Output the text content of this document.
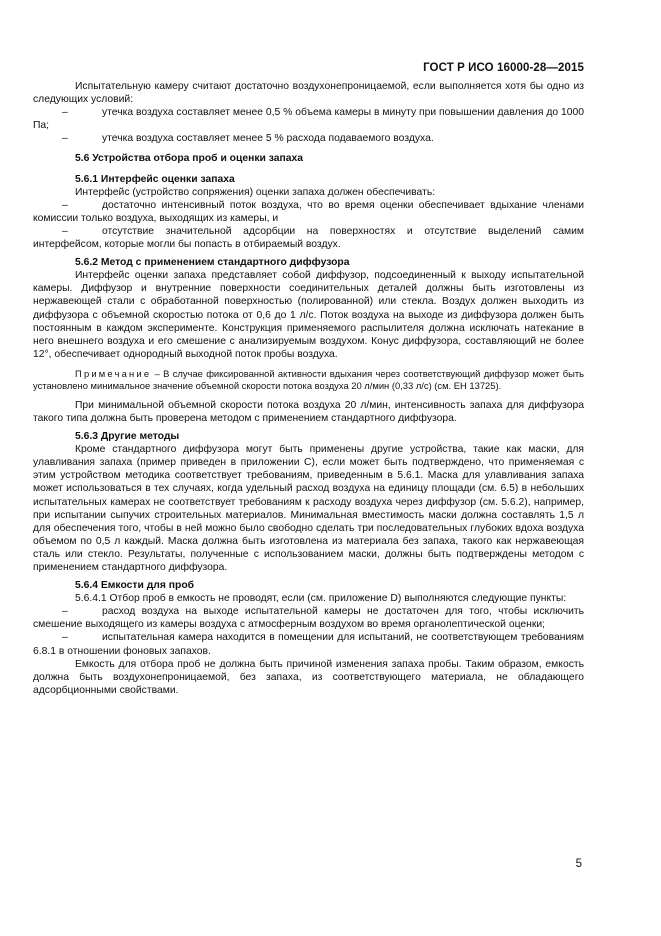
ГОСТ Р ИСО 16000-28—2015

Испытательную камеру считают достаточно воздухонепроницаемой, если выполняется хотя бы одно из следующих условий:

–	утечка воздуха составляет менее 0,5 % объема камеры в минуту при повышении давления до 1000 Па;

–	утечка воздуха составляет менее 5 % расхода подаваемого воздуха.

5.6 Устройства отбора проб и оценки запаха
5.6.1 Интерфейс оценки запаха

Интерфейс (устройство сопряжения) оценки запаха должен обеспечивать:

–	достаточно интенсивный поток воздуха, что во время оценки обеспечивает вдыхание членами комиссии только воздуха, выходящих из камеры, и

–	отсутствие значительной адсорбции на поверхностях и отсутствие выделений самим интерфейсом, которые могли бы попасть в отбираемый воздух.

5.6.2 Метод с применением стандартного диффузора

Интерфейс оценки запаха представляет собой диффузор, подсоединенный к выходу испытательной камеры. Диффузор и внутренние поверхности соединительных деталей должны быть изготовлены из нержавеющей стали с обработанной поверхностью (полированной) или стекла. Воздух должен выходить из диффузора с объемной скоростью потока от 0,6 до 1 л/с. Поток воздуха на выходе из диффузора должен быть постоянным в каждом эксперименте. Конструкция применяемого распылителя должна исключать натекание в него внешнего воздуха и его смешение с анализируемым воздухом. Конус диффузора, составляющий не более 12°, обеспечивает однородный выходной поток пробы воздуха.

Примечание – В случае фиксированной активности вдыхания через соответствующий диффузор может быть установлено минимальное значение объемной скорости потока воздуха 20 л/мин (0,33 л/с) (см. ЕН 13725).

При минимальной объемной скорости потока воздуха 20 л/мин, интенсивность запаха для диффузора такого типа должна быть проверена методом с применением стандартного диффузора.

5.6.3 Другие методы

Кроме стандартного диффузора могут быть применены другие устройства, такие как маски, для улавливания запаха (пример приведен в приложении С), если может быть подтверждено, что применяемая с этим устройством методика соответствует требованиям, приведенным в 5.6.1. Маска для улавливания запаха может использоваться в тех случаях, когда удельный расход воздуха на единицу площади (см. 6.5) в небольших испытательных камерах не соответствует требованиям к расходу воздуха через диффузор (см. 5.6.2), например, при испытании сыпучих строительных материалов. Минимальная вместимость маски должна составлять 1,5 л для обеспечения того, чтобы в ней можно было свободно сделать три последовательных глубоких вдоха воздуха объемом по 0,5 л каждый. Маска должна быть изготовлена из материала без запаха, такого как нержавеющая сталь или стекло. Результаты, полученные с использованием маски, должны быть подтверждены методом с применением стандартного диффузора.

5.6.4 Емкости для проб

5.6.4.1 Отбор проб в емкость не проводят, если (см. приложение D) выполняются следующие пункты:

–	расход воздуха на выходе испытательной камеры не достаточен для того, чтобы исключить смешение выходящего из камеры воздуха с атмосферным воздухом во время органолептической оценки;

–	испытательная камера находится в помещении для испытаний, не соответствующем требованиям 6.8.1 в отношении фоновых запахов.

Емкость для отбора проб не должна быть причиной изменения запаха пробы. Таким образом, емкость должна быть воздухонепроницаемой, без запаха, из соответствующего материала, не обладающего адсорбционными свойствами.

5
